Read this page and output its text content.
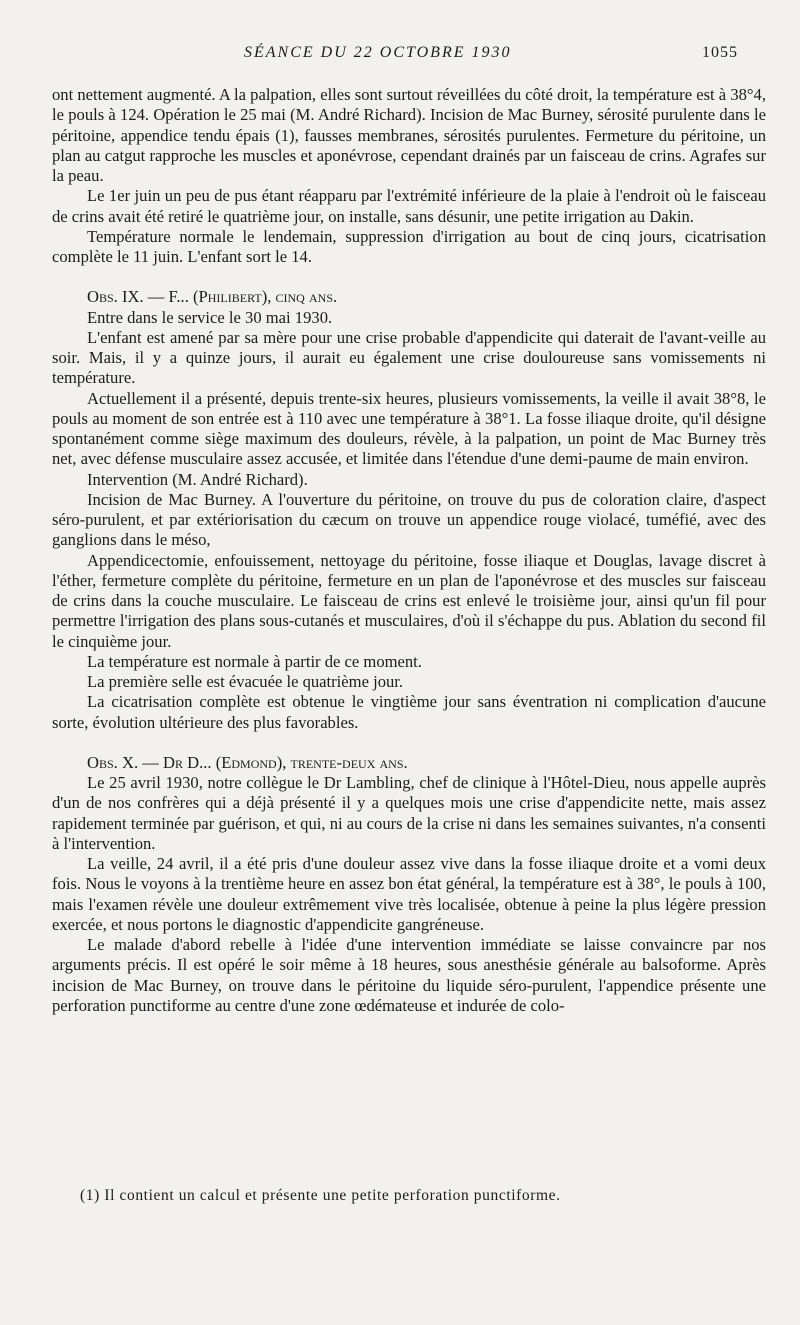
SÉANCE DU 22 OCTOBRE 1930	1055

ont nettement augmenté. A la palpation, elles sont surtout réveillées du côté droit, la température est à 38°4, le pouls à 124. Opération le 25 mai (M. André Richard). Incision de Mac Burney, sérosité purulente dans le péritoine, appendice tendu épais (1), fausses membranes, sérosités purulentes. Fermeture du péritoine, un plan au catgut rapproche les muscles et aponévrose, cependant drainés par un faisceau de crins. Agrafes sur la peau.

Le 1er juin un peu de pus étant réapparu par l'extrémité inférieure de la plaie à l'endroit où le faisceau de crins avait été retiré le quatrième jour, on installe, sans désunir, une petite irrigation au Dakin.

Température normale le lendemain, suppression d'irrigation au bout de cinq jours, cicatrisation complète le 11 juin. L'enfant sort le 14.

Obs. IX. — F... (Philibert), cinq ans.

Entre dans le service le 30 mai 1930.

L'enfant est amené par sa mère pour une crise probable d'appendicite qui daterait de l'avant-veille au soir. Mais, il y a quinze jours, il aurait eu également une crise douloureuse sans vomissements ni température.

Actuellement il a présenté, depuis trente-six heures, plusieurs vomissements, la veille il avait 38°8, le pouls au moment de son entrée est à 110 avec une température à 38°1. La fosse iliaque droite, qu'il désigne spontanément comme siège maximum des douleurs, révèle, à la palpation, un point de Mac Burney très net, avec défense musculaire assez accusée, et limitée dans l'étendue d'une demi-paume de main environ.

Intervention (M. André Richard).

Incision de Mac Burney. A l'ouverture du péritoine, on trouve du pus de coloration claire, d'aspect séro-purulent, et par extériorisation du cæcum on trouve un appendice rouge violacé, tuméfié, avec des ganglions dans le méso,

Appendicectomie, enfouissement, nettoyage du péritoine, fosse iliaque et Douglas, lavage discret à l'éther, fermeture complète du péritoine, fermeture en un plan de l'aponévrose et des muscles sur faisceau de crins dans la couche musculaire. Le faisceau de crins est enlevé le troisième jour, ainsi qu'un fil pour permettre l'irrigation des plans sous-cutanés et musculaires, d'où il s'échappe du pus. Ablation du second fil le cinquième jour.

La température est normale à partir de ce moment.

La première selle est évacuée le quatrième jour.

La cicatrisation complète est obtenue le vingtième jour sans éventration ni complication d'aucune sorte, évolution ultérieure des plus favorables.

Obs. X. — Dr D... (Edmond), trente-deux ans.

Le 25 avril 1930, notre collègue le Dr Lambling, chef de clinique à l'Hôtel-Dieu, nous appelle auprès d'un de nos confrères qui a déjà présenté il y a quelques mois une crise d'appendicite nette, mais assez rapidement terminée par guérison, et qui, ni au cours de la crise ni dans les semaines suivantes, n'a consenti à l'intervention.

La veille, 24 avril, il a été pris d'une douleur assez vive dans la fosse iliaque droite et a vomi deux fois. Nous le voyons à la trentième heure en assez bon état général, la température est à 38°, le pouls à 100, mais l'examen révèle une douleur extrêmement vive très localisée, obtenue à peine la plus légère pression exercée, et nous portons le diagnostic d'appendicite gangréneuse.

Le malade d'abord rebelle à l'idée d'une intervention immédiate se laisse convaincre par nos arguments précis. Il est opéré le soir même à 18 heures, sous anesthésie générale au balsoforme. Après incision de Mac Burney, on trouve dans le péritoine du liquide séro-purulent, l'appendice présente une perforation punctiforme au centre d'une zone œdémateuse et indurée de colo-

(1) Il contient un calcul et présente une petite perforation punctiforme.
